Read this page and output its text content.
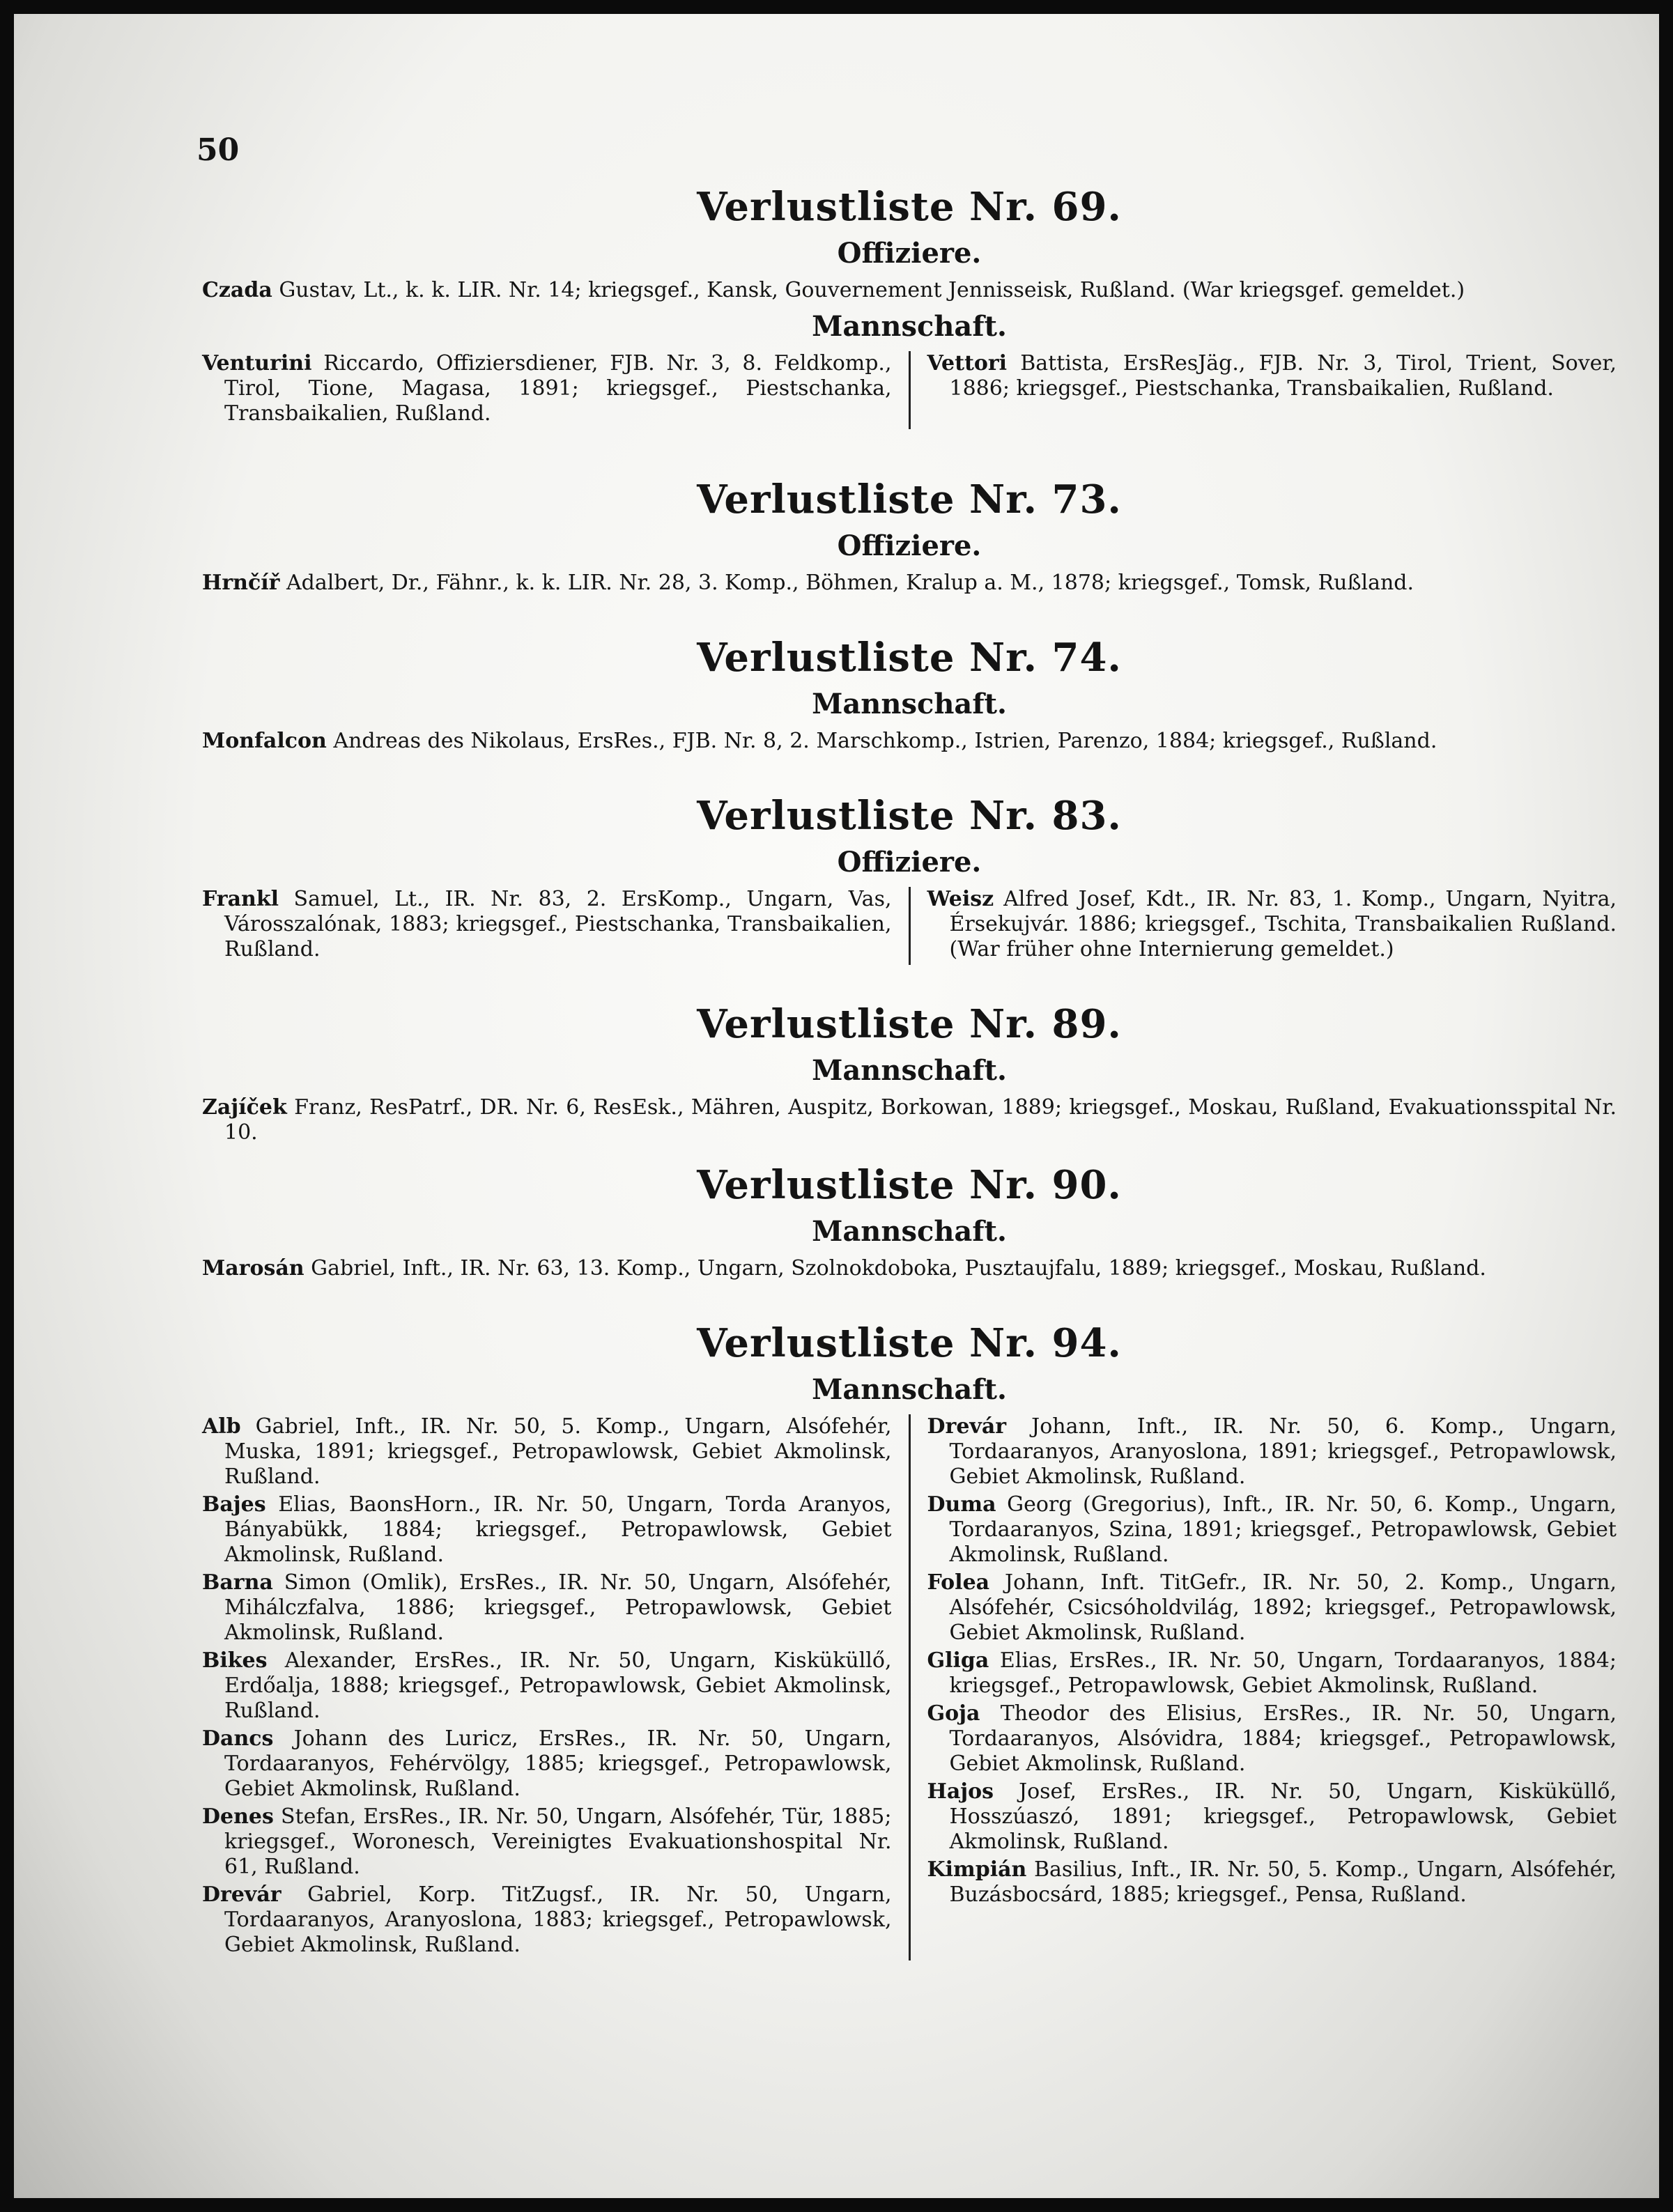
50
Verlustliste Nr. 69.
Offiziere.

Czada Gustav, Lt., k. k. LIR. Nr. 14; kriegsgef., Kansk, Gouvernement Jennisseisk, Rußland. (War kriegsgef. gemeldet.)

Mannschaft.

Venturini Riccardo, Offiziersdiener, FJB. Nr. 3, 8. Feldkomp., Tirol, Tione, Magasa, 1891; kriegsgef., Piestschanka, Transbaikalien, Rußland.

Vettori Battista, ErsResJäg., FJB. Nr. 3, Tirol, Trient, Sover, 1886; kriegsgef., Piestschanka, Transbaikalien, Rußland.

Verlustliste Nr. 73.
Offiziere.

Hrnčíř Adalbert, Dr., Fähnr., k. k. LIR. Nr. 28, 3. Komp., Böhmen, Kralup a. M., 1878; kriegsgef., Tomsk, Rußland.

Verlustliste Nr. 74.
Mannschaft.

Monfalcon Andreas des Nikolaus, ErsRes., FJB. Nr. 8, 2. Marschkomp., Istrien, Parenzo, 1884; kriegsgef., Rußland.

Verlustliste Nr. 83.
Offiziere.

Frankl Samuel, Lt., IR. Nr. 83, 2. ErsKomp., Ungarn, Vas, Városszalónak, 1883; kriegsgef., Piestschanka, Transbaikalien, Rußland.

Weisz Alfred Josef, Kdt., IR. Nr. 83, 1. Komp., Ungarn, Nyitra, Érsekujvár. 1886; kriegsgef., Tschita, Transbaikalien Rußland. (War früher ohne Internierung gemeldet.)

Verlustliste Nr. 89.
Mannschaft.

Zajíček Franz, ResPatrf., DR. Nr. 6, ResEsk., Mähren, Auspitz, Borkowan, 1889; kriegsgef., Moskau, Rußland, Evakuationsspital Nr. 10.

Verlustliste Nr. 90.
Mannschaft.

Marosán Gabriel, Inft., IR. Nr. 63, 13. Komp., Ungarn, Szolnokdoboka, Pusztaujfalu, 1889; kriegsgef., Moskau, Rußland.

Verlustliste Nr. 94.
Mannschaft.

Alb Gabriel, Inft., IR. Nr. 50, 5. Komp., Ungarn, Alsófehér, Muska, 1891; kriegsgef., Petropawlowsk, Gebiet Akmolinsk, Rußland.

Bajes Elias, BaonsHorn., IR. Nr. 50, Ungarn, Torda Aranyos, Bányabükk, 1884; kriegsgef., Petropawlowsk, Gebiet Akmolinsk, Rußland.

Barna Simon (Omlik), ErsRes., IR. Nr. 50, Ungarn, Alsófehér, Mihálczfalva, 1886; kriegsgef., Petropawlowsk, Gebiet Akmolinsk, Rußland.

Bikes Alexander, ErsRes., IR. Nr. 50, Ungarn, Kisküküllő, Erdőalja, 1888; kriegsgef., Petropawlowsk, Gebiet Akmolinsk, Rußland.

Dancs Johann des Luricz, ErsRes., IR. Nr. 50, Ungarn, Tordaaranyos, Fehérvölgy, 1885; kriegsgef., Petropawlowsk, Gebiet Akmolinsk, Rußland.

Denes Stefan, ErsRes., IR. Nr. 50, Ungarn, Alsófehér, Tür, 1885; kriegsgef., Woronesch, Vereinigtes Evakuationshospital Nr. 61, Rußland.

Drevár Gabriel, Korp. TitZugsf., IR. Nr. 50, Ungarn, Tordaaranyos, Aranyoslona, 1883; kriegsgef., Petropawlowsk, Gebiet Akmolinsk, Rußland.

Drevár Johann, Inft., IR. Nr. 50, 6. Komp., Ungarn, Tordaaranyos, Aranyoslona, 1891; kriegsgef., Petropawlowsk, Gebiet Akmolinsk, Rußland.

Duma Georg (Gregorius), Inft., IR. Nr. 50, 6. Komp., Ungarn, Tordaaranyos, Szina, 1891; kriegsgef., Petropawlowsk, Gebiet Akmolinsk, Rußland.

Folea Johann, Inft. TitGefr., IR. Nr. 50, 2. Komp., Ungarn, Alsófehér, Csicsóholdvilág, 1892; kriegsgef., Petropawlowsk, Gebiet Akmolinsk, Rußland.

Gliga Elias, ErsRes., IR. Nr. 50, Ungarn, Tordaaranyos, 1884; kriegsgef., Petropawlowsk, Gebiet Akmolinsk, Rußland.

Goja Theodor des Elisius, ErsRes., IR. Nr. 50, Ungarn, Tordaaranyos, Alsóvidra, 1884; kriegsgef., Petropawlowsk, Gebiet Akmolinsk, Rußland.

Hajos Josef, ErsRes., IR. Nr. 50, Ungarn, Kisküküllő, Hosszúaszó, 1891; kriegsgef., Petropawlowsk, Gebiet Akmolinsk, Rußland.

Kimpián Basilius, Inft., IR. Nr. 50, 5. Komp., Ungarn, Alsófehér, Buzásbocsárd, 1885; kriegsgef., Pensa, Rußland.
